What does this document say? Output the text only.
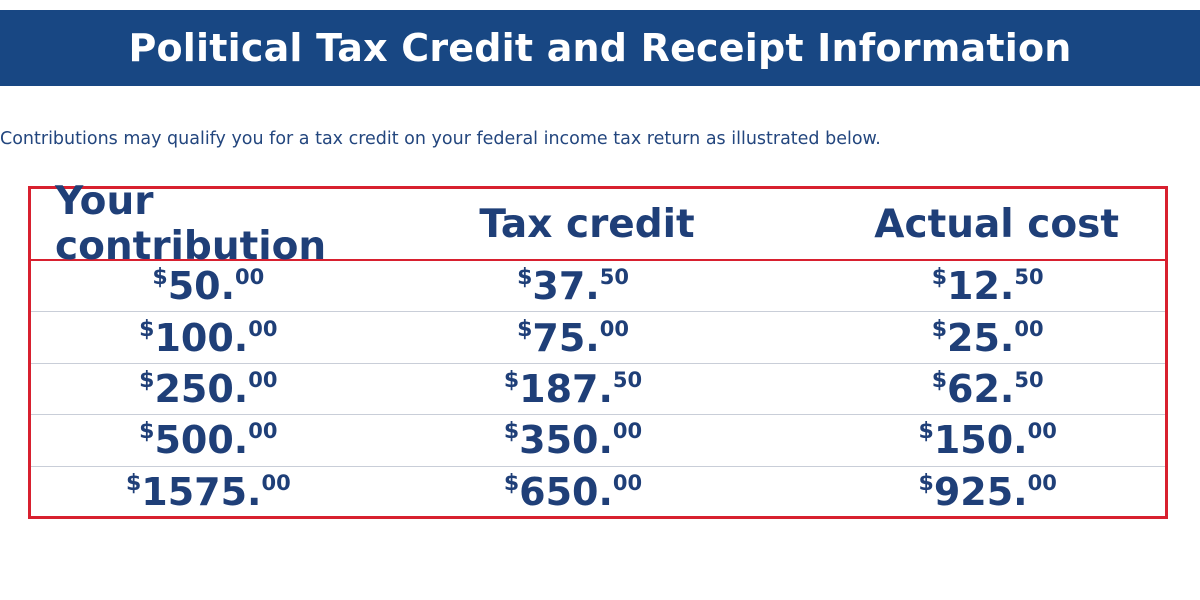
Political Tax Credit and Receipt Information
Contributions may qualify you for a tax credit on your federal income tax return as illustrated below.
Your contribution	Tax credit	Actual cost
$50.00	$37.50	$12.50
$100.00	$75.00	$25.00
$250.00	$187.50	$62.50
$500.00	$350.00	$150.00
$1575.00	$650.00	$925.00
